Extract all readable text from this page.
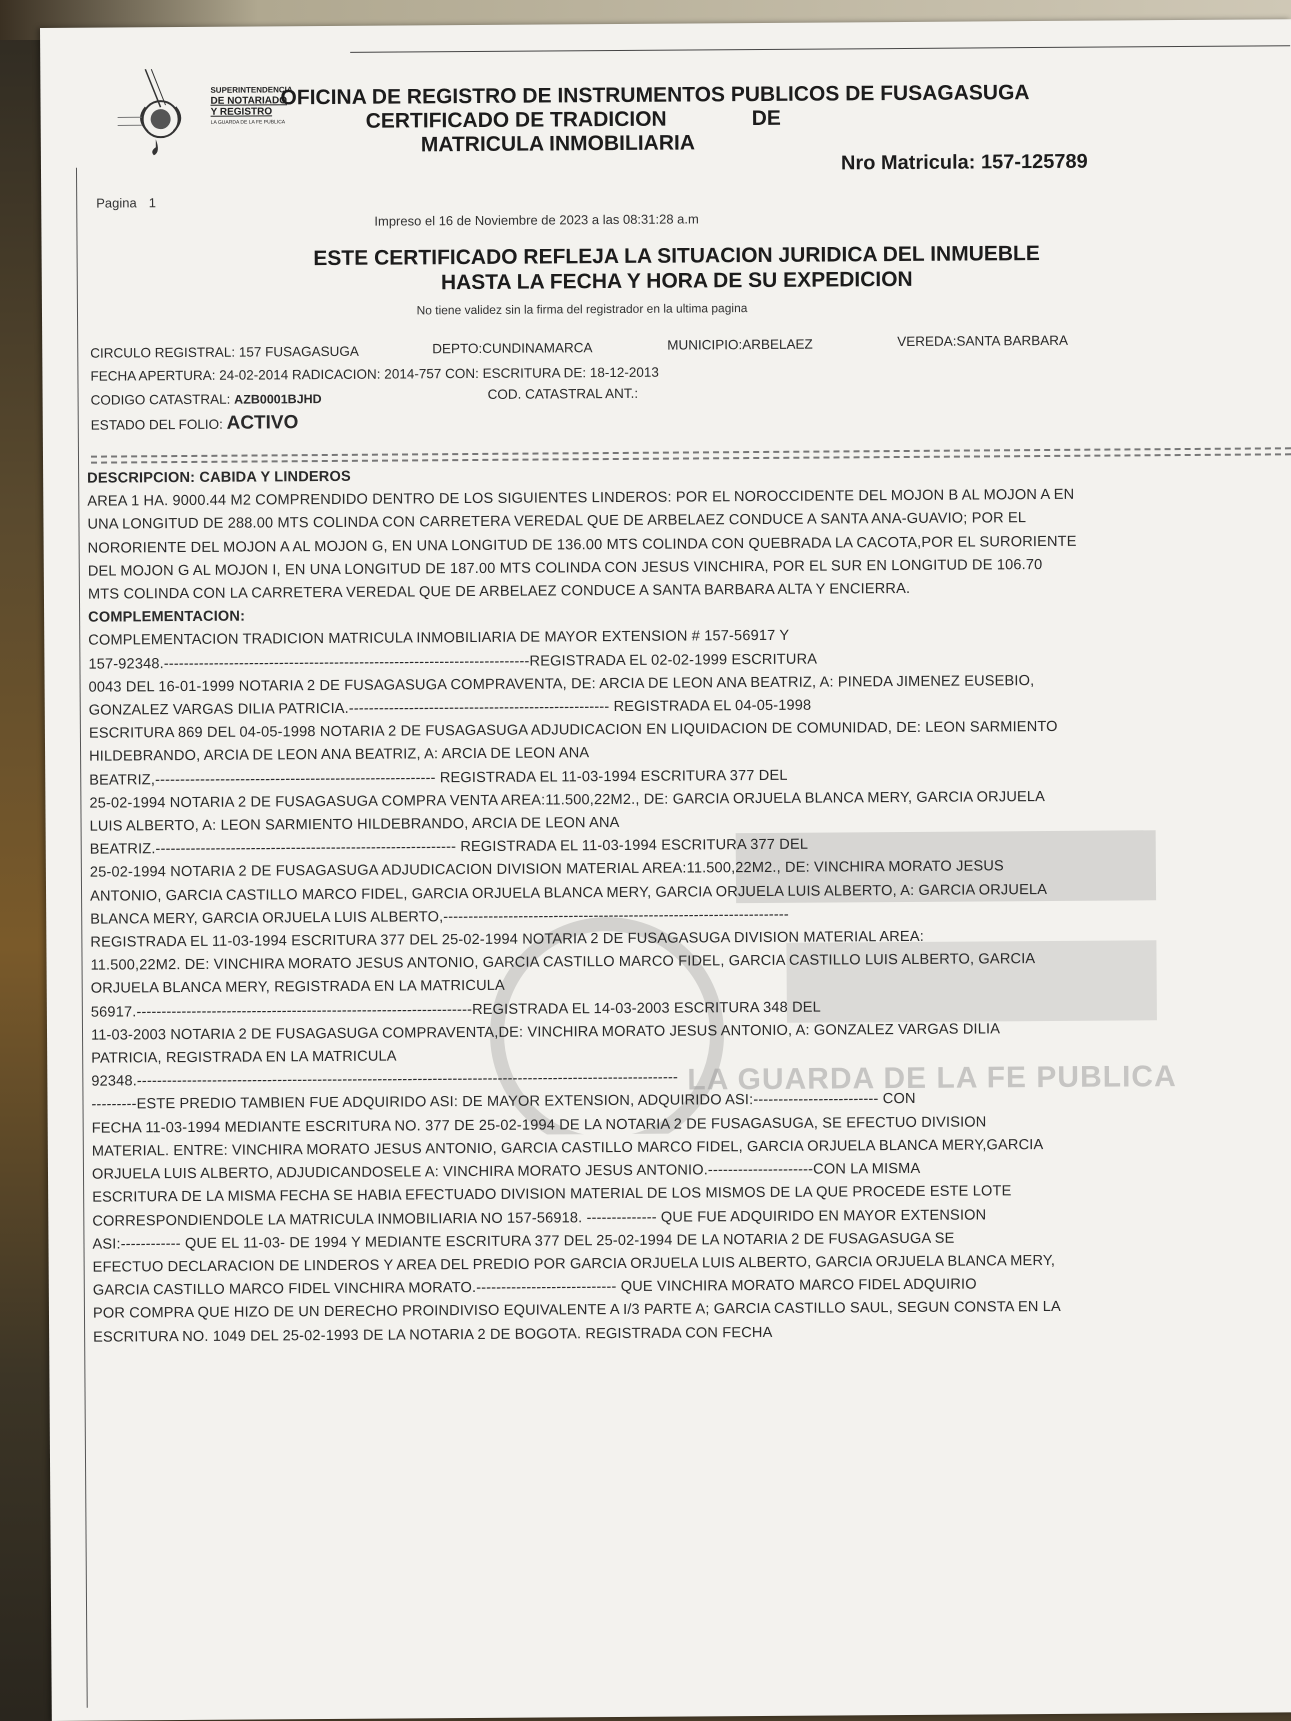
SUPERINTENDENCIA
DE NOTARIADO
Y REGISTRO
LA GUARDA DE LA FE PUBLICA
OFICINA DE REGISTRO DE INSTRUMENTOS PUBLICOS DE FUSAGASUGA
CERTIFICADO DE TRADICION	DE
MATRICULA INMOBILIARIA
Nro Matricula: 157-125789
Pagina 1
Impreso el 16 de Noviembre de 2023 a las 08:31:28 a.m
ESTE CERTIFICADO REFLEJA LA SITUACION JURIDICA DEL INMUEBLE
HASTA LA FECHA Y HORA DE SU EXPEDICION
No tiene validez sin la firma del registrador en la ultima pagina
CIRCULO REGISTRAL: 157 FUSAGASUGA	DEPTO:CUNDINAMARCA	MUNICIPIO:ARBELAEZ	VEREDA:SANTA BARBARA
FECHA APERTURA: 24-02-2014 RADICACION: 2014-757 CON: ESCRITURA DE: 18-12-2013
CODIGO CATASTRAL: AZB0001BJHD	COD. CATASTRAL ANT.:
ESTADO DEL FOLIO: ACTIVO
LA GUARDA DE LA FE PUBLICA
DESCRIPCION: CABIDA Y LINDEROS
AREA 1 HA. 9000.44 M2 COMPRENDIDO DENTRO DE LOS SIGUIENTES LINDEROS: POR EL NOROCCIDENTE DEL MOJON B AL MOJON A EN
UNA LONGITUD DE 288.00 MTS COLINDA CON CARRETERA VEREDAL QUE DE ARBELAEZ CONDUCE A SANTA ANA-GUAVIO; POR EL
NORORIENTE DEL MOJON A AL MOJON G, EN UNA LONGITUD DE 136.00 MTS COLINDA CON QUEBRADA LA CACOTA,POR EL SURORIENTE
DEL MOJON G AL MOJON I, EN UNA LONGITUD DE 187.00 MTS COLINDA CON JESUS VINCHIRA, POR EL SUR EN LONGITUD DE 106.70
MTS COLINDA CON LA CARRETERA VEREDAL QUE DE ARBELAEZ CONDUCE A SANTA BARBARA ALTA Y ENCIERRA.
COMPLEMENTACION:
COMPLEMENTACION TRADICION MATRICULA INMOBILIARIA DE MAYOR EXTENSION # 157-56917 Y
157-92348.-------------------------------------------------------------------------REGISTRADA EL 02-02-1999 ESCRITURA
0043 DEL 16-01-1999 NOTARIA 2 DE FUSAGASUGA COMPRAVENTA, DE: ARCIA DE LEON ANA BEATRIZ, A: PINEDA JIMENEZ EUSEBIO,
GONZALEZ VARGAS DILIA PATRICIA.---------------------------------------------------- REGISTRADA EL 04-05-1998
ESCRITURA 869 DEL 04-05-1998 NOTARIA 2 DE FUSAGASUGA ADJUDICACION EN LIQUIDACION DE COMUNIDAD, DE: LEON SARMIENTO
HILDEBRANDO, ARCIA DE LEON ANA BEATRIZ, A: ARCIA DE LEON ANA
BEATRIZ,-------------------------------------------------------- REGISTRADA EL 11-03-1994 ESCRITURA 377 DEL
25-02-1994 NOTARIA 2 DE FUSAGASUGA COMPRA VENTA AREA:11.500,22M2., DE: GARCIA ORJUELA BLANCA MERY, GARCIA ORJUELA
LUIS ALBERTO, A: LEON SARMIENTO HILDEBRANDO, ARCIA DE LEON ANA
BEATRIZ.------------------------------------------------------------ REGISTRADA EL 11-03-1994 ESCRITURA 377 DEL
25-02-1994 NOTARIA 2 DE FUSAGASUGA ADJUDICACION DIVISION MATERIAL AREA:11.500,22M2., DE: VINCHIRA MORATO JESUS
ANTONIO, GARCIA CASTILLO MARCO FIDEL, GARCIA ORJUELA BLANCA MERY, GARCIA ORJUELA LUIS ALBERTO, A: GARCIA ORJUELA
BLANCA MERY, GARCIA ORJUELA LUIS ALBERTO,---------------------------------------------------------------------
REGISTRADA EL 11-03-1994 ESCRITURA 377 DEL 25-02-1994 NOTARIA 2 DE FUSAGASUGA DIVISION MATERIAL AREA:
11.500,22M2. DE: VINCHIRA MORATO JESUS ANTONIO, GARCIA CASTILLO MARCO FIDEL, GARCIA CASTILLO LUIS ALBERTO, GARCIA
ORJUELA BLANCA MERY, REGISTRADA EN LA MATRICULA
56917.-------------------------------------------------------------------REGISTRADA EL 14-03-2003 ESCRITURA 348 DEL
11-03-2003 NOTARIA 2 DE FUSAGASUGA COMPRAVENTA,DE: VINCHIRA MORATO JESUS ANTONIO, A: GONZALEZ VARGAS DILIA
PATRICIA, REGISTRADA EN LA MATRICULA
92348.------------------------------------------------------------------------------------------------------------
---------ESTE PREDIO TAMBIEN FUE ADQUIRIDO ASI: DE MAYOR EXTENSION, ADQUIRIDO ASI:------------------------- CON
FECHA 11-03-1994 MEDIANTE ESCRITURA NO. 377 DE 25-02-1994 DE LA NOTARIA 2 DE FUSAGASUGA, SE EFECTUO DIVISION
MATERIAL. ENTRE: VINCHIRA MORATO JESUS ANTONIO, GARCIA CASTILLO MARCO FIDEL, GARCIA ORJUELA BLANCA MERY,GARCIA
ORJUELA LUIS ALBERTO, ADJUDICANDOSELE A: VINCHIRA MORATO JESUS ANTONIO.---------------------CON LA MISMA
ESCRITURA DE LA MISMA FECHA SE HABIA EFECTUADO DIVISION MATERIAL DE LOS MISMOS DE LA QUE PROCEDE ESTE LOTE
CORRESPONDIENDOLE LA MATRICULA INMOBILIARIA NO 157-56918. -------------- QUE FUE ADQUIRIDO EN MAYOR EXTENSION
ASI:------------ QUE EL 11-03- DE 1994 Y MEDIANTE ESCRITURA 377 DEL 25-02-1994 DE LA NOTARIA 2 DE FUSAGASUGA SE
EFECTUO DECLARACION DE LINDEROS Y AREA DEL PREDIO POR GARCIA ORJUELA LUIS ALBERTO, GARCIA ORJUELA BLANCA MERY,
GARCIA CASTILLO MARCO FIDEL VINCHIRA MORATO.---------------------------- QUE VINCHIRA MORATO MARCO FIDEL ADQUIRIO
POR COMPRA QUE HIZO DE UN DERECHO PROINDIVISO EQUIVALENTE A I/3 PARTE A; GARCIA CASTILLO SAUL, SEGUN CONSTA EN LA
ESCRITURA NO. 1049 DEL 25-02-1993 DE LA NOTARIA 2 DE BOGOTA. REGISTRADA CON FECHA
